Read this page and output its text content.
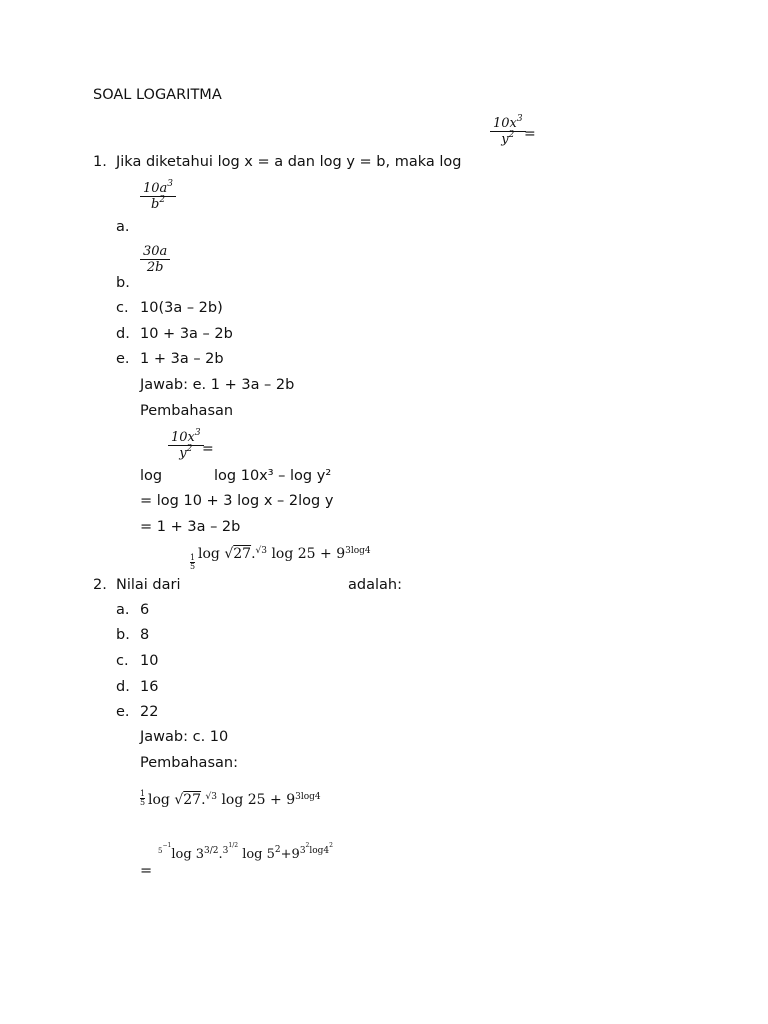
SOAL LOGARITMA
$10x^3$
$y^2$ =
1. Jika diketahui log x = a dan log y = b, maka log
$10a^3$
$b^2$
a.
30a
2b
b.
c. 10(3a – 2b)
d. 10 + 3a – 2b
e. 1 + 3a – 2b
Jawab: e. 1 + 3a – 2b
Pembahasan
$10x^3$
$y^2$ =
log	log 10x³ – log y²
= log 10 + 3 log x – 2log y
= 1 + 3a – 2b
1
5
log √27.$^{√3}$ $\log 25 + 9^{3log4}$
2. Nilai dari	adalah:
a. 6
b. 8
c. 10
d. 16
e. 22
Jawab: c. 10
Pembahasan:
1
5 log √27.$^{√3}$ $\log 25 + 9^{3log4}$
$^{5^{-1}}$log $3^{3/2}.^{3^{1/2}}$ $\log 5^2+9^{3^2log4^2}$
=
